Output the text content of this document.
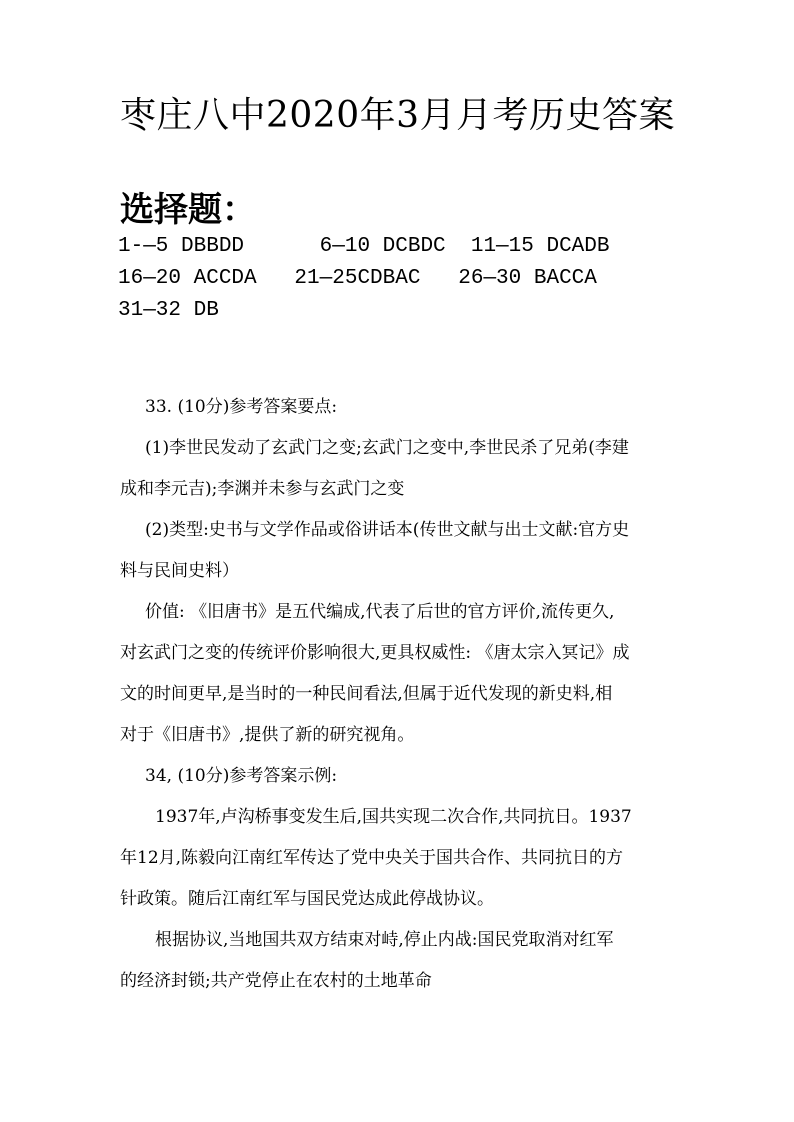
枣庄八中2020年3月月考历史答案
选择题：
1-—5 DBBDD      6—10 DCBDC  11—15 DCADB
16—20 ACCDA   21—25CDBAC   26—30 BACCA
31—32 DB
33. (10分)参考答案要点:
(1)李世民发动了玄武门之变;玄武门之变中,李世民杀了兄弟(李建
成和李元吉);李渊并未参与玄武门之变
(2)类型:史书与文学作品或俗讲话本(传世文献与出士文献:官方史
料与民间史料）
价值: 《旧唐书》是五代编成,代表了后世的官方评价,流传更久,
对玄武门之变的传统评价影响很大,更具权威性: 《唐太宗入冥记》成
文的时间更早,是当时的一种民间看法,但属于近代发现的新史料,相
对于《旧唐书》,提供了新的研究视角。
34, (10分)参考答案示例:
1937年,卢沟桥事变发生后,国共实现二次合作,共同抗日。1937
年12月,陈毅向江南红军传达了党中央关于国共合作、共同抗日的方
针政策。随后江南红军与国民党达成此停战协议。
根据协议,当地国共双方结束对峙,停止内战:国民党取消对红军
的经济封锁;共产党停止在农村的土地革命
